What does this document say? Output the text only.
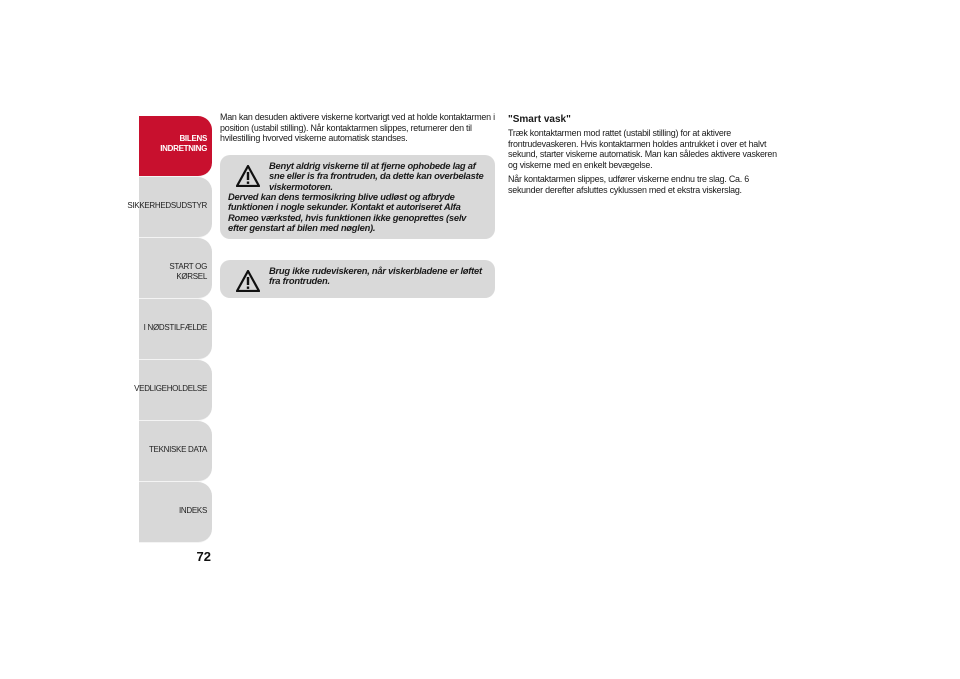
BILENS
INDRETNING
SIKKERHEDSUDSTYR
START OG KØRSEL
I NØDSTILFÆLDE
VEDLIGEHOLDELSE
TEKNISKE DATA
INDEKS
72

Man kan desuden aktivere viskerne kortvarigt ved at holde kontaktarmen i position (ustabil stilling). Når kontaktarmen slippes, returnerer den til hvilestilling hvorved viskerne automatisk standses.

Benyt aldrig viskerne til at fjerne ophobede lag af sne eller is fra frontruden, da dette kan overbelaste viskermotoren.
Derved kan dens termosikring blive udløst og afbryde funktionen i nogle sekunder. Kontakt et autoriseret Alfa Romeo værksted, hvis funktionen ikke genoprettes (selv efter genstart af bilen med nøglen).

Brug ikke rudeviskeren, når viskerbladene er løftet fra frontruden.

"Smart vask"

Træk kontaktarmen mod rattet (ustabil stilling) for at aktivere frontrudevaskeren. Hvis kontaktarmen holdes antrukket i over et halvt sekund, starter viskerne automatisk. Man kan således aktivere vaskeren og viskerne med en enkelt bevægelse.

Når kontaktarmen slippes, udfører viskerne endnu tre slag. Ca. 6 sekunder derefter afsluttes cyklussen med et ekstra viskerslag.
